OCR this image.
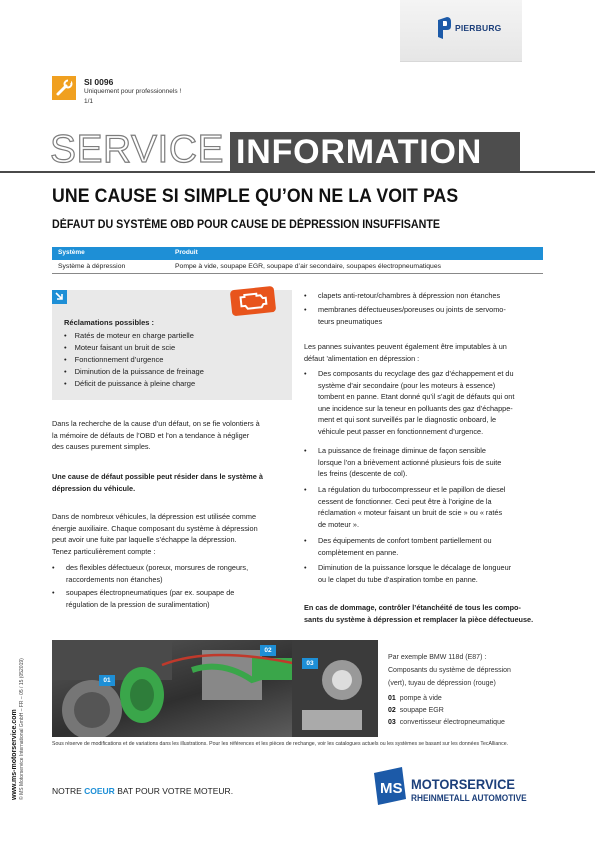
PIERBURG
SI 0096
Uniquement pour professionnels !
1/1
SERVICE INFORMATION
UNE CAUSE SI SIMPLE QU’ON NE LA VOIT PAS
DÉFAUT DU SYSTÈME OBD POUR CAUSE DE DÉPRESSION INSUFFISANTE
Système	Produit
Système à dépression	Pompe à vide, soupape EGR, soupape d’air secondaire, soupapes électropneumatiques
Réclamations possibles :
• Ratés de moteur en charge partielle
• Moteur faisant un bruit de scie
• Fonctionnement d’urgence
• Diminution de la puissance de freinage
• Déficit de puissance à pleine charge
Dans la recherche de la cause d’un défaut, on se fie volontiers à
la mémoire de défauts de l’OBD et l’on a tendance à négliger
des causes purement simples.
Une cause de défaut possible peut résider dans le système à
dépression du véhicule.
Dans de nombreux véhicules, la dépression est utilisée comme
énergie auxiliaire. Chaque composant du système à dépression
peut avoir une fuite par laquelle s’échappe la dépression.
Tenez particulièrement compte :
• des flexibles défectueux (poreux, morsures de rongeurs,
raccordements non étanches)
• soupapes électropneumatiques (par ex. soupape de
régulation de la pression de suralimentation)
• clapets anti-retour/chambres à dépression non étanches
• membranes défectueuses/poreuses ou joints de servomo-
teurs pneumatiques
Les pannes suivantes peuvent également être imputables à un
défaut ’alimentation en dépression :
• Des composants du recyclage des gaz d’échappement et du
système d’air secondaire (pour les moteurs à essence)
tombent en panne. Etant donné qu’il s’agit de défauts qui ont
une incidence sur la teneur en polluants des gaz d’échappe-
ment et qui sont surveillés par le diagnostic onboard, le
véhicule peut passer en fonctionnement d’urgence.
• La puissance de freinage diminue de façon sensible
lorsque l’on a brièvement actionné plusieurs fois de suite
les freins (descente de col).
• La régulation du turbocompresseur et le papillon de diesel
cessent de fonctionner. Ceci peut être à l’origine de la
réclamation « moteur faisant un bruit de scie » ou « ratés
de moteur ».
• Des équipements de confort tombent partiellement ou
complètement en panne.
• Diminution de la puissance lorsque le décalage de longueur
ou le clapet du tube d’aspiration tombe en panne.
En cas de dommage, contrôler l’étanchéité de tous les compo-
sants du système à dépression et remplacer la pièce défectueuse.
01
02
03
Par exemple BMW 118d (E87) :
Composants du système de dépression
(vert), tuyau de dépression (rouge)
01 pompe à vide
02 soupape EGR
03 convertisseur électropneumatique
Sous réserve de modifications et de variations dans les illustrations. Pour les références et les pièces de rechange, voir les catalogues actuels ou les systèmes se basant sur les données TecAlliance.
www.ms-motorservice.com © MS Motorservice International GmbH – FR – 05 / 15 (052019)	NOTRE COEUR BAT POUR VOTRE MOTEUR.	MS MOTORSERVICE
RHEINMETALL AUTOMOTIVE
